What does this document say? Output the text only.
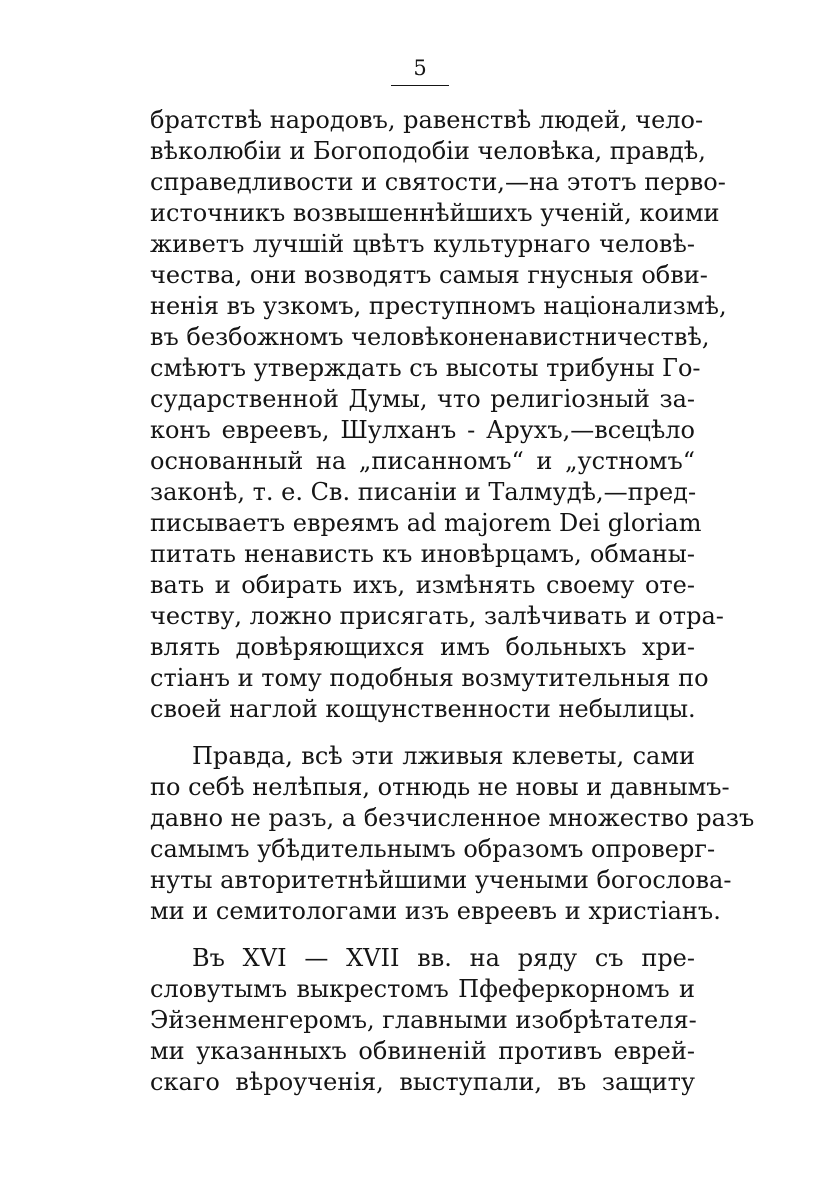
5

братствѣ народовъ, равенствѣ людей, чело-
вѣколюбіи и Богоподобіи человѣка, правдѣ,
справедливости и святости,—на этотъ перво-
источникъ возвышеннѣйшихъ ученій, коими
живетъ лучшій цвѣтъ культурнаго человѣ-
чества, они возводятъ самыя гнусныя обви-
ненія въ узкомъ, преступномъ націонализмѣ,
въ безбожномъ человѣконенавистничествѣ,
смѣютъ утверждать съ высоты трибуны Го-
сударственной Думы, что религіозный за-
конъ евреевъ, Шулханъ - Арухъ,—всецѣло
основанный на „писанномъ“ и „устномъ“
законѣ, т. е. Св. писаніи и Талмудѣ,—пред-
писываетъ евреямъ ad majorem Dei gloriam
питать ненависть къ иновѣрцамъ, обманы-
вать и обирать ихъ, измѣнять своему оте-
честву, ложно присягать, залѣчивать и отра-
влять довѣряющихся имъ больныхъ хри-
стіанъ и тому подобныя возмутительныя по
своей наглой кощунственности небылицы.

Правда, всѣ эти лживыя клеветы, сами
по себѣ нелѣпыя, отнюдь не новы и давнымъ-
давно не разъ, а безчисленное множество разъ
самымъ убѣдительнымъ образомъ опроверг-
нуты авторитетнѣйшими учеными богослова-
ми и семитологами изъ евреевъ и христіанъ.

Въ XVI — XVII вв. на ряду съ пре-
словутымъ выкрестомъ Пфеферкорномъ и
Эйзенменгеромъ, главными изобрѣтателя-
ми указанныхъ обвиненій противъ еврей-
скаго вѣроученія, выступали, въ защиту
